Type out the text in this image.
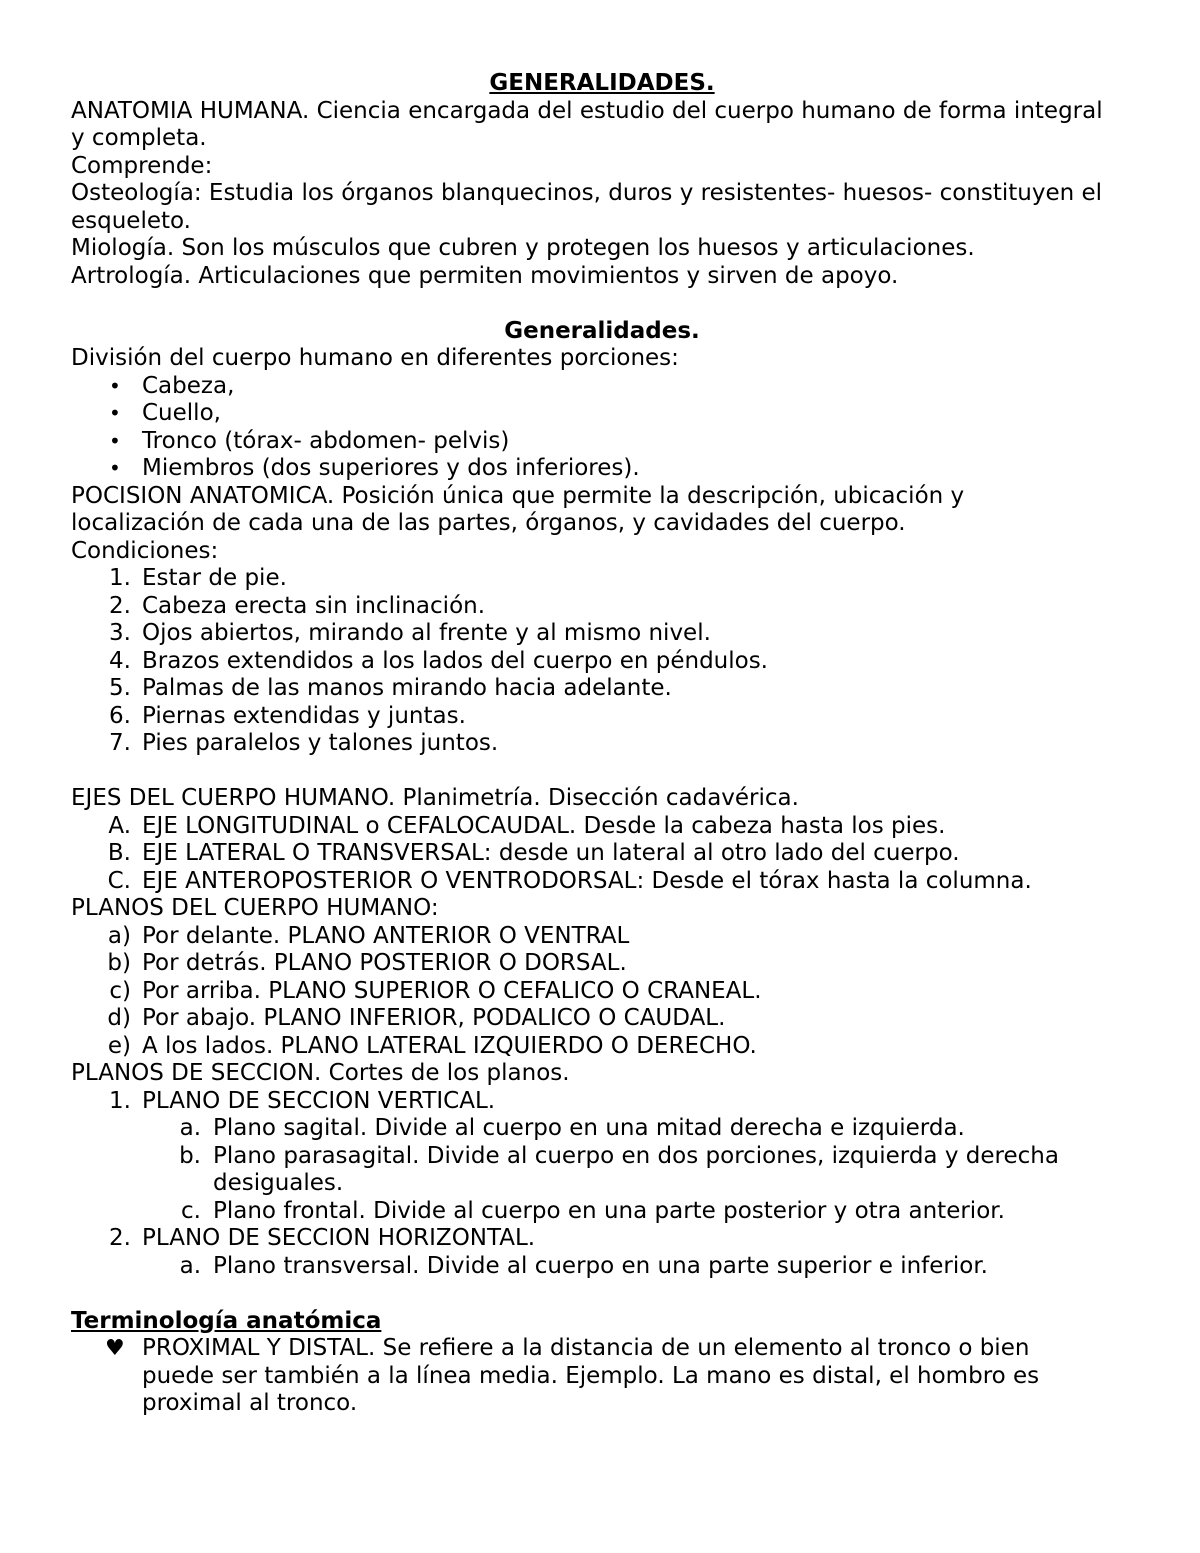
GENERALIDADES.

ANATOMIA HUMANA. Ciencia encargada del estudio del cuerpo humano de forma integral

y completa.

Comprende:

Osteología: Estudia los órganos blanquecinos, duros y resistentes- huesos- constituyen el

esqueleto.

Miología. Son los músculos que cubren y protegen los huesos y articulaciones.

Artrología. Articulaciones que permiten movimientos y sirven de apoyo.

Generalidades.

División del cuerpo humano en diferentes porciones:

• Cabeza,
• Cuello,
• Tronco (tórax- abdomen- pelvis)
• Miembros (dos superiores y dos inferiores).

POCISION ANATOMICA. Posición única que permite la descripción, ubicación y

localización de cada una de las partes, órganos, y cavidades del cuerpo.

Condiciones:

1. Estar de pie.
2. Cabeza erecta sin inclinación.
3. Ojos abiertos, mirando al frente y al mismo nivel.
4. Brazos extendidos a los lados del cuerpo en péndulos.
5. Palmas de las manos mirando hacia adelante.
6. Piernas extendidas y juntas.
7. Pies paralelos y talones juntos.

EJES DEL CUERPO HUMANO. Planimetría. Disección cadavérica.

A. EJE LONGITUDINAL o CEFALOCAUDAL. Desde la cabeza hasta los pies.
B. EJE LATERAL O TRANSVERSAL: desde un lateral al otro lado del cuerpo.
C. EJE ANTEROPOSTERIOR O VENTRODORSAL: Desde el tórax hasta la columna.

PLANOS DEL CUERPO HUMANO:

a) Por delante. PLANO ANTERIOR O VENTRAL
b) Por detrás. PLANO POSTERIOR O DORSAL.
c) Por arriba. PLANO SUPERIOR O CEFALICO O CRANEAL.
d) Por abajo. PLANO INFERIOR, PODALICO O CAUDAL.
e) A los lados. PLANO LATERAL IZQUIERDO O DERECHO.

PLANOS DE SECCION. Cortes de los planos.

1. PLANO DE SECCION VERTICAL.
a. Plano sagital. Divide al cuerpo en una mitad derecha e izquierda.
b. Plano parasagital. Divide al cuerpo en dos porciones, izquierda y derecha
desiguales.
c. Plano frontal. Divide al cuerpo en una parte posterior y otra anterior.
2. PLANO DE SECCION HORIZONTAL.
a. Plano transversal. Divide al cuerpo en una parte superior e inferior.

Terminología anatómica

♥ PROXIMAL Y DISTAL. Se refiere a la distancia de un elemento al tronco o bien
puede ser también a la línea media. Ejemplo. La mano es distal, el hombro es
proximal al tronco.
